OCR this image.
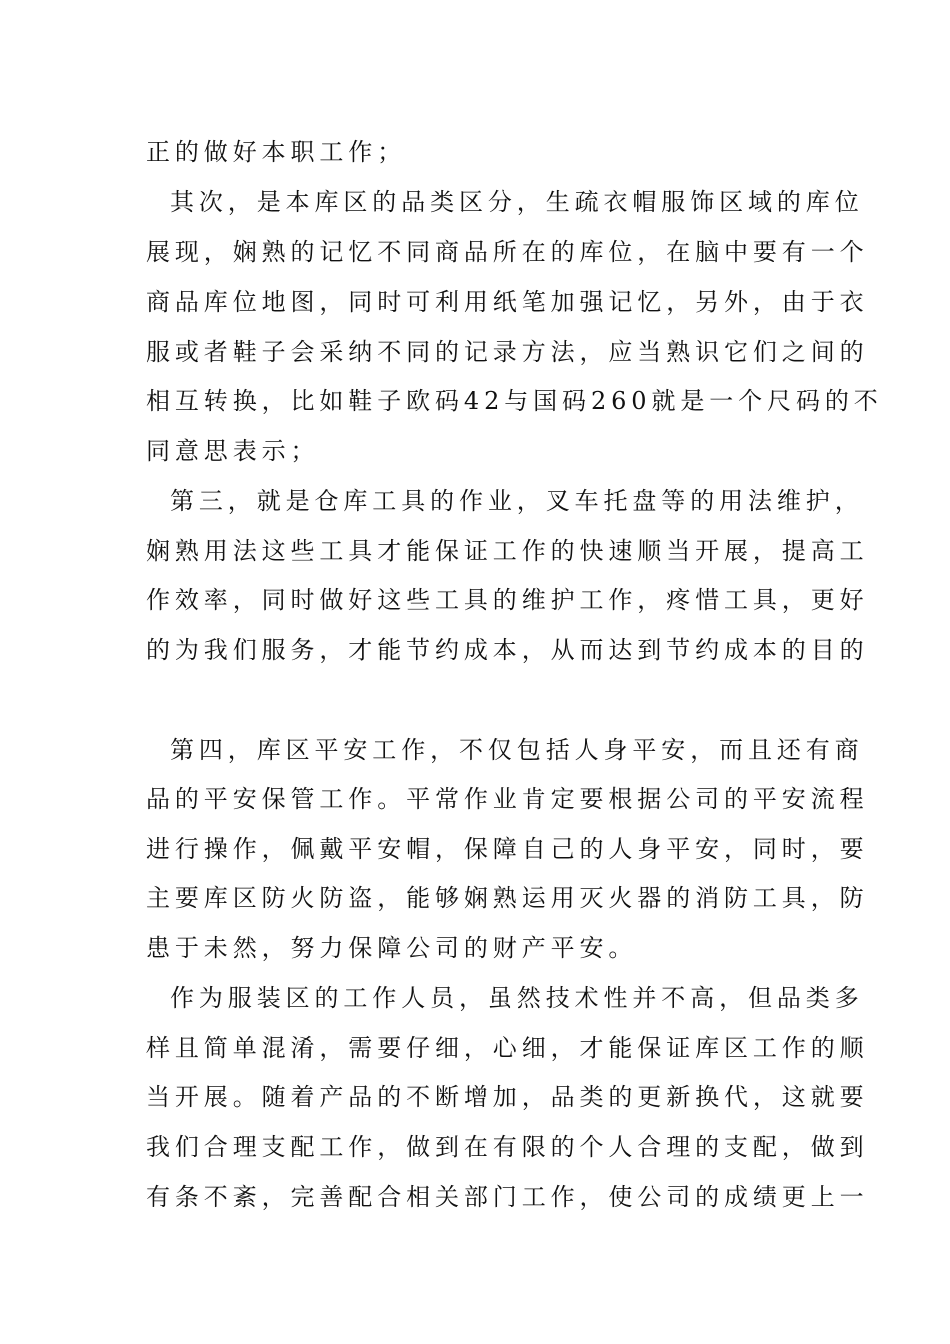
正的做好本职工作；
其次，是本库区的品类区分，生疏衣帽服饰区域的库位
展现，娴熟的记忆不同商品所在的库位，在脑中要有一个
商品库位地图，同时可利用纸笔加强记忆，另外，由于衣
服或者鞋子会采纳不同的记录方法，应当熟识它们之间的
相互转换，比如鞋子欧码42与国码260就是一个尺码的不
同意思表示；
第三，就是仓库工具的作业，叉车托盘等的用法维护，
娴熟用法这些工具才能保证工作的快速顺当开展，提高工
作效率，同时做好这些工具的维护工作，疼惜工具，更好
的为我们服务，才能节约成本，从而达到节约成本的目的
第四，库区平安工作，不仅包括人身平安，而且还有商
品的平安保管工作。平常作业肯定要根据公司的平安流程
进行操作，佩戴平安帽，保障自己的人身平安，同时，要
主要库区防火防盗，能够娴熟运用灭火器的消防工具，防
患于未然，努力保障公司的财产平安。
作为服装区的工作人员，虽然技术性并不高，但品类多
样且简单混淆，需要仔细，心细，才能保证库区工作的顺
当开展。随着产品的不断增加，品类的更新换代，这就要
我们合理支配工作，做到在有限的个人合理的支配，做到
有条不紊，完善配合相关部门工作，使公司的成绩更上一
